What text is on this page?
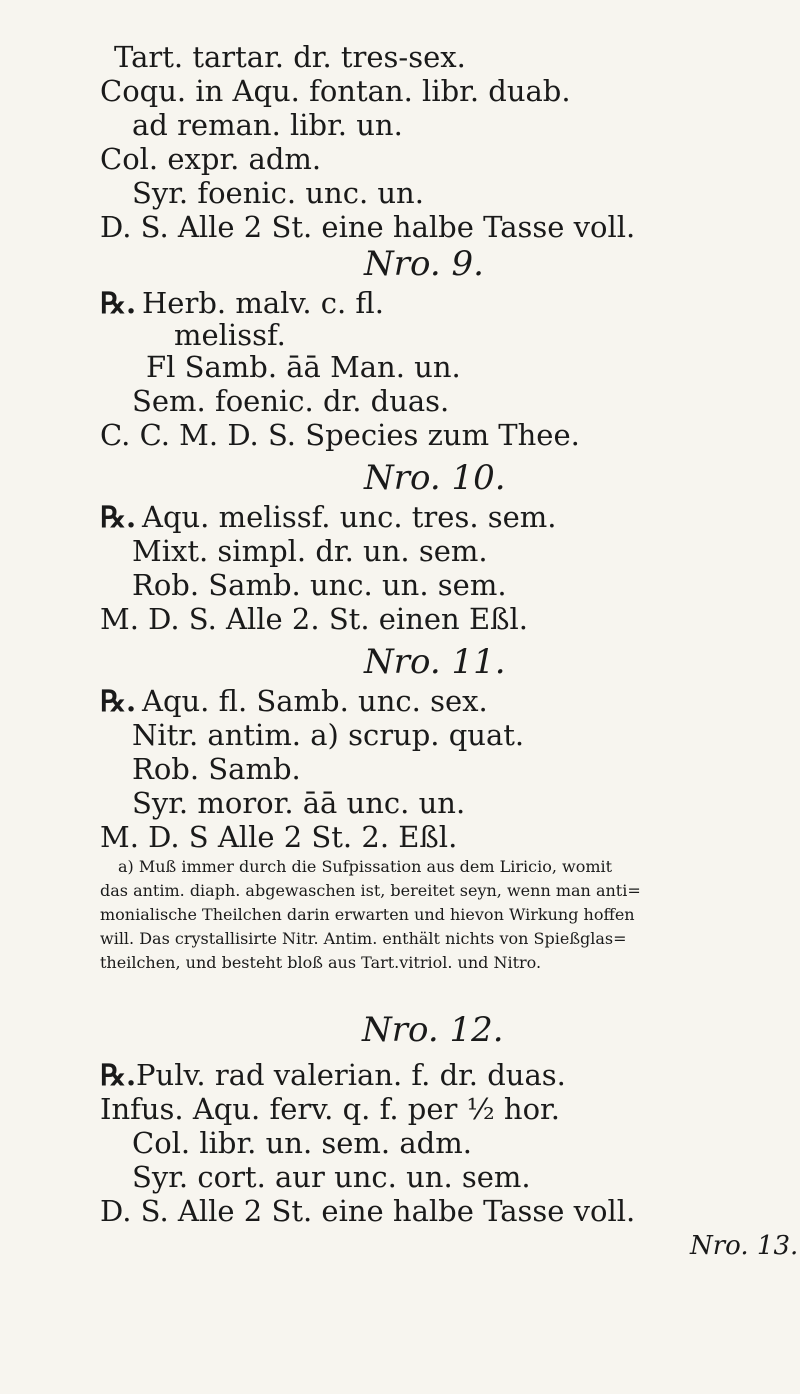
Tart. tartar. dr. tres-sex.
Coqu. in Aqu. fontan. libr. duab.
ad reman. libr. un.
Col. expr. adm.
Syr. foenic. unc. un.
D. S. Alle 2 St. eine halbe Tasse voll.
Nro. 9.
℞. Herb. malv. c. fl.
melissf.
Fl Samb. āā Man. un.
Sem. foenic. dr. duas.
C. C. M. D. S. Species zum Thee.
Nro. 10.
℞. Aqu. melissf. unc. tres. sem.
Mixt. simpl. dr. un. sem.
Rob. Samb. unc. un. sem.
M. D. S. Alle 2. St. einen Eßl.
Nro. 11.
℞. Aqu. fl. Samb. unc. sex.
Nitr. antim. a) scrup. quat.
Rob. Samb.
Syr. moror. āā unc. un.
M. D. S Alle 2 St. 2. Eßl.
a) Muß immer durch die Sufpissation aus dem Liricio, womit
das antim. diaph. abgewaschen ist, bereitet seyn, wenn man anti=
monialische Theilchen darin erwarten und hievon Wirkung hoffen
will. Das crystallisirte Nitr. Antim. enthält nichts von Spießglas=
theilchen, und besteht bloß aus Tart.vitriol. und Nitro.
Nro. 12.
℞. Pulv. rad valerian. f. dr. duas.
Infus. Aqu. ferv. q. f. per ½ hor.
Col. libr. un. sem. adm.
Syr. cort. aur unc. un. sem.
D. S. Alle 2 St. eine halbe Tasse voll.
Nro. 13.
